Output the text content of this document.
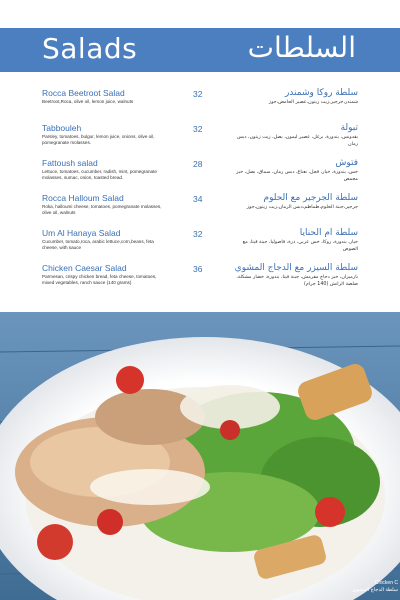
Salads	السلطات
Rocca Beetroot Salad
Beetroot,Roca, olive oil, lemon juice, walnuts
32	سلطة روكا وشمندر
شمندر،جرجير،زيت زيتون،عصير الحامض،جوز
Tabbouleh
Parsley, tomatoes, bulgur, lemon juice, onions, olive oil, pomegranate molasses.
32	تبولة
بقدونس، بندورة، برغل، عصير ليمون، بصل، زيت زيتون، دبس رمان
Fattoush salad
Lettuce, tomatoes, cucumber, radish, mint, pomegranate molasses, sumac, onion, toasted bread.
28	فتوش
خس، بندورة، خيار، فجل، نعناع، دبس رمان، سماق، بصل، خبز محمص
Rocca Halloum Salad
Roka, halloumi cheese, tomatoes, pomegranate molasses, olive oil, walnuts
34	سلطة الجرجير مع الحلوم
جرجير،جبنة الحلوم،طماطم،دبس الرمان،زيت زيتون،جوز
Um Al Hanaya Salad
Cucumber, tomato,roca, arabic lettuce,corn,beans, feta cheese, with sauce
32	سلطة ام الحنايا
خيار، بندورة، روكا، خس عربي، ذرة، فاصوليا، جبنة فيتا، مع الصوص
Chicken Caesar Salad
Parmesan, crispy chicken bread, feta cheese, tomatoes, mixed vegetables, ranch sauce (140 grams)
36	سلطة السيزر مع الدجاج المشوي
بارميزان، خبز دجاج مقرمش، جبنة فيتا، بندورة، خضار مشكلة، صلصة الرانش (140 جرام)
Chicken C
سلطة الدجاج المشوي
